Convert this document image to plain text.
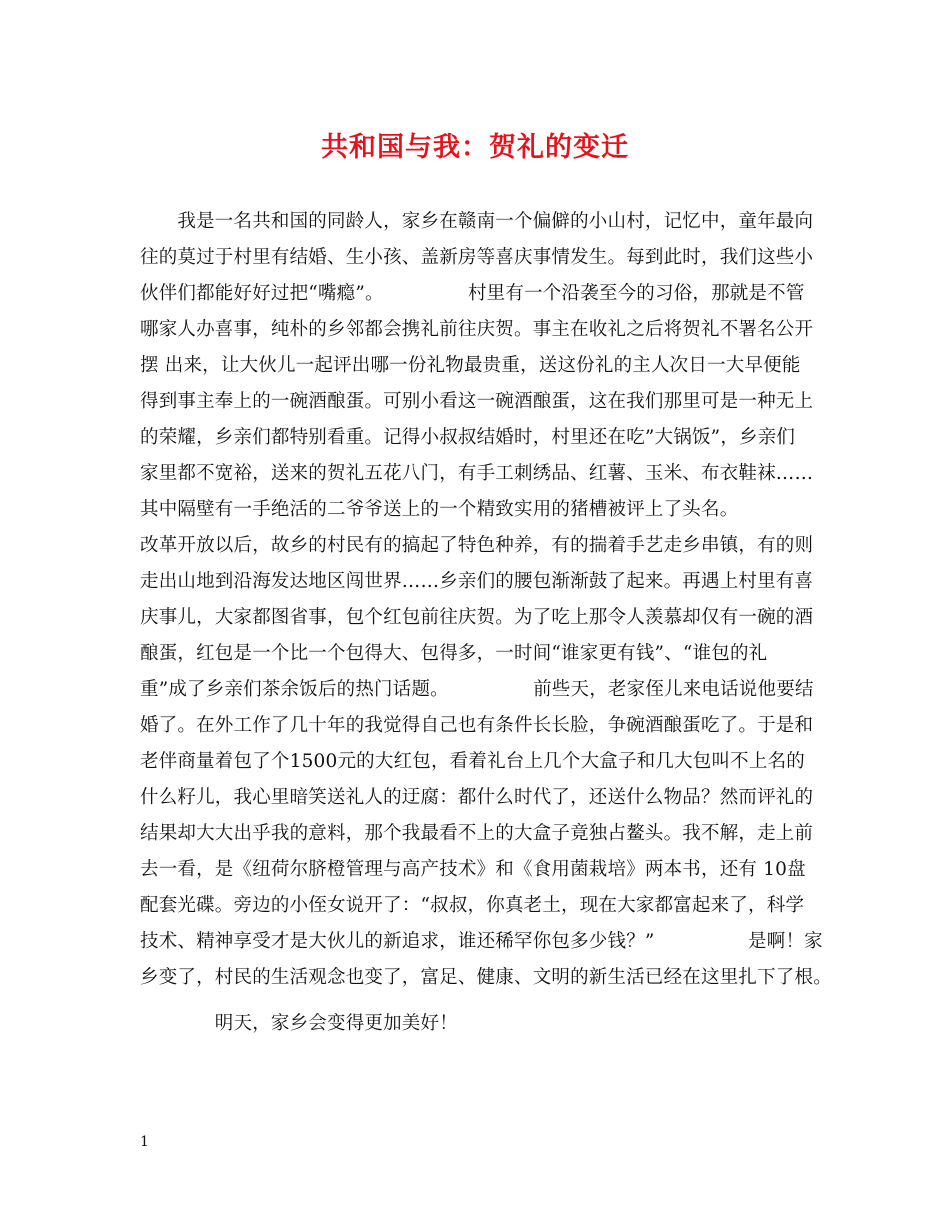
共和国与我：贺礼的变迁
　　我是一名共和国的同龄人，家乡在赣南一个偏僻的小山村，记忆中，童年最向
往的莫过于村里有结婚、生小孩、盖新房等喜庆事情发生。每到此时，我们这些小
伙伴们都能好好过把“嘴瘾”。　　　　　村里有一个沿袭至今的习俗，那就是不管
哪家人办喜事，纯朴的乡邻都会携礼前往庆贺。事主在收礼之后将贺礼不署名公开
摆 出来，让大伙儿一起评出哪一份礼物最贵重，送这份礼的主人次日一大早便能
得到事主奉上的一碗酒酿蛋。可别小看这一碗酒酿蛋，这在我们那里可是一种无上
的荣耀，乡亲们都特别看重。记得小叔叔结婚时，村里还在吃”大锅饭”，乡亲们
家里都不宽裕，送来的贺礼五花八门，有手工刺绣品、红薯、玉米、布衣鞋袜……
其中隔壁有一手绝活的二爷爷送上的一个精致实用的猪槽被评上了头名。
改革开放以后，故乡的村民有的搞起了特色种养，有的揣着手艺走乡串镇，有的则
走出山地到沿海发达地区闯世界……乡亲们的腰包渐渐鼓了起来。再遇上村里有喜
庆事儿，大家都图省事，包个红包前往庆贺。为了吃上那令人羡慕却仅有一碗的酒
酿蛋，红包是一个比一个包得大、包得多，一时间“谁家更有钱”、“谁包的礼
重”成了乡亲们茶余饭后的热门话题。　　　　　前些天，老家侄儿来电话说他要结
婚了。在外工作了几十年的我觉得自己也有条件长长脸，争碗酒酿蛋吃了。于是和
老伴商量着包了个1500元的大红包，看着礼台上几个大盒子和几大包叫不上名的
什么籽儿，我心里暗笑送礼人的迂腐：都什么时代了，还送什么物品？然而评礼的
结果却大大出乎我的意料，那个我最看不上的大盒子竟独占鳌头。我不解，走上前
去一看，是《纽荷尔脐橙管理与高产技术》和《食用菌栽培》两本书，还有 10盘
配套光碟。旁边的小侄女说开了：“叔叔，你真老土，现在大家都富起来了，科学
技术、精神享受才是大伙儿的新追求，谁还稀罕你包多少钱？”　　　　　是啊！家
乡变了，村民的生活观念也变了，富足、健康、文明的新生活已经在这里扎下了根。
　　　　明天，家乡会变得更加美好！
1
